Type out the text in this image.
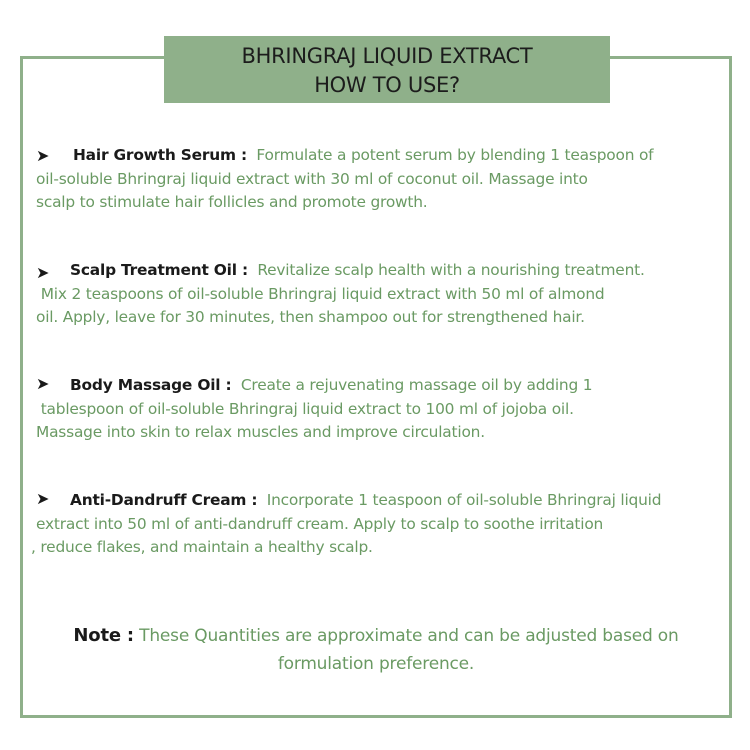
BHRINGRAJ LIQUID EXTRACT
HOW TO USE?
➤	Hair Growth Serum : Formulate a potent serum by blending 1 teaspoon of
oil-soluble Bhringraj liquid extract with 30 ml of coconut oil. Massage into
scalp to stimulate hair follicles and promote growth.
➤	Scalp Treatment Oil : Revitalize scalp health with a nourishing treatment.
Mix 2 teaspoons of oil-soluble Bhringraj liquid extract with 50 ml of almond
oil. Apply, leave for 30 minutes, then shampoo out for strengthened hair.
➤	Body Massage Oil : Create a rejuvenating massage oil by adding 1
tablespoon of oil-soluble Bhringraj liquid extract to 100 ml of jojoba oil.
Massage into skin to relax muscles and improve circulation.
➤	Anti-Dandruff Cream : Incorporate 1 teaspoon of oil-soluble Bhringraj liquid
extract into 50 ml of anti-dandruff cream. Apply to scalp to soothe irritation
, reduce flakes, and maintain a healthy scalp.
Note : These Quantities are approximate and can be adjusted based on
formulation preference.
